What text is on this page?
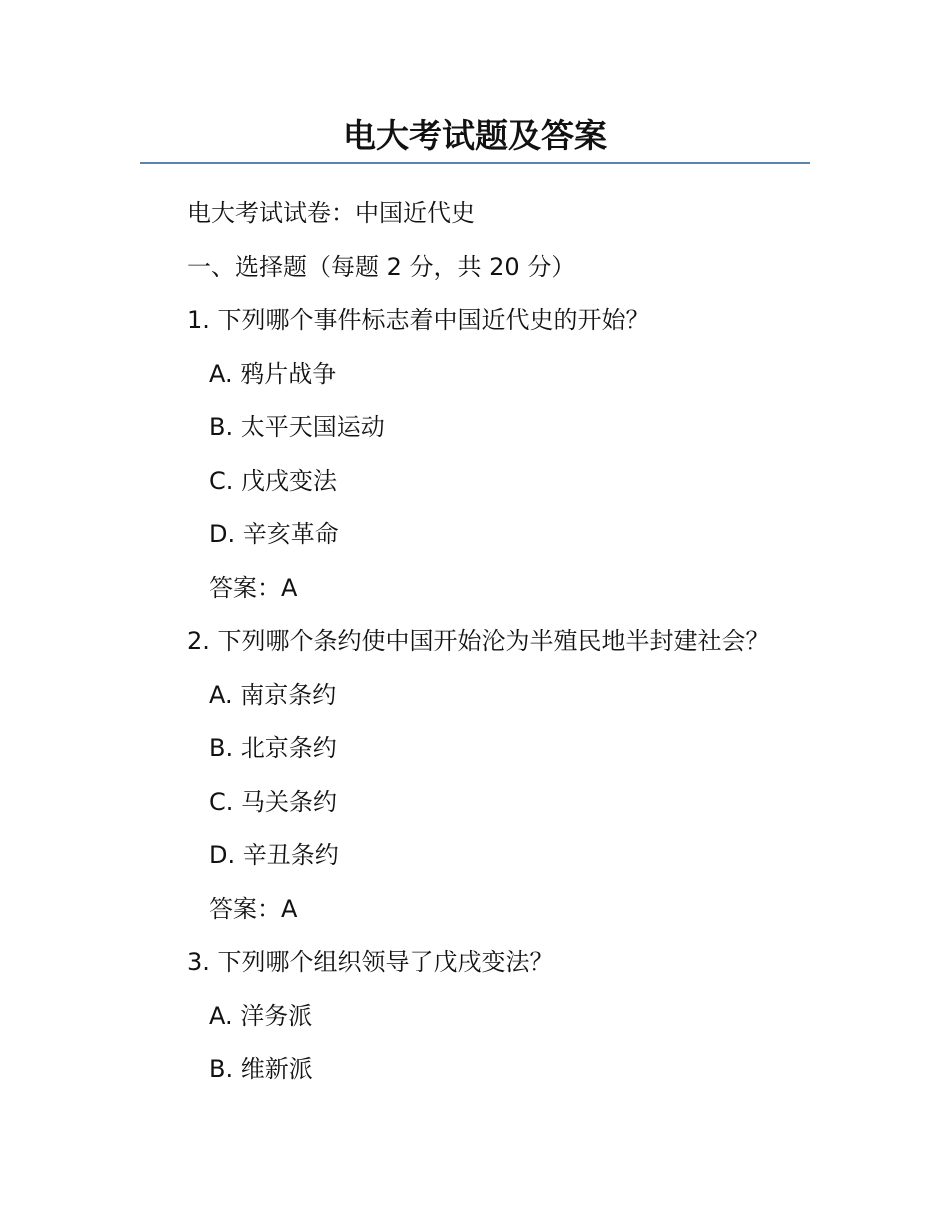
电大考试题及答案
电大考试试卷：中国近代史
一、选择题（每题 2 分，共 20 分）
1. 下列哪个事件标志着中国近代史的开始？
A. 鸦片战争
B. 太平天国运动
C. 戊戌变法
D. 辛亥革命
答案：A
2. 下列哪个条约使中国开始沦为半殖民地半封建社会？
A. 南京条约
B. 北京条约
C. 马关条约
D. 辛丑条约
答案：A
3. 下列哪个组织领导了戊戌变法？
A. 洋务派
B. 维新派
